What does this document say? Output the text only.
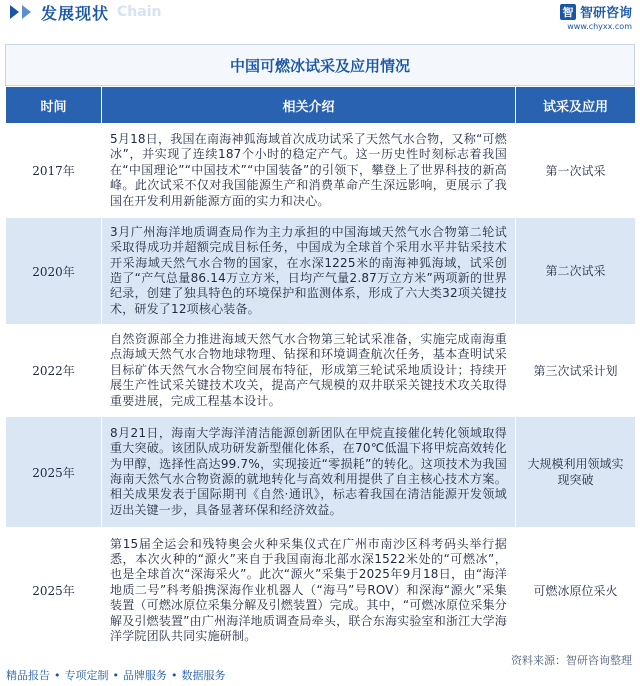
发展现状 Chain	智 智研咨询
www.chyxx.com
中国可燃冰试采及应用情况
时间	相关介绍	试采及应用
2017年	5月18日，我国在南海神狐海域首次成功试采了天然气水合物，又称“可燃冰”，并实现了连续187个小时的稳定产气。这一历史性时刻标志着我国在“中国理论”“中国技术”“中国装备”的引领下，攀登上了世界科技的新高峰。此次试采不仅对我国能源生产和消费革命产生深远影响，更展示了我国在开发利用新能源方面的实力和决心。	第一次试采
2020年	3月广州海洋地质调查局作为主力承担的中国海域天然气水合物第二轮试采取得成功并超额完成目标任务，中国成为全球首个采用水平井钻采技术开采海域天然气水合物的国家，在水深1225米的南海神狐海域，试采创造了“产气总量86.14万立方米，日均产气量2.87万立方米”两项新的世界纪录，创建了独具特色的环境保护和监测体系，形成了六大类32项关键技术，研发了12项核心装备。	第二次试采
2022年	自然资源部全力推进海域天然气水合物第三轮试采准备，实施完成南海重点海域天然气水合物地球物理、钻探和环境调查航次任务，基本查明试采目标矿体天然气水合物空间展布特征，形成第三轮试采地质设计；持续开展生产性试采关键技术攻关，提高产气规模的双井联采关键技术攻关取得重要进展，完成工程基本设计。	第三次试采计划
2025年	8月21日，海南大学海洋清洁能源创新团队在甲烷直接催化转化领域取得重大突破。该团队成功研发新型催化体系，在70℃低温下将甲烷高效转化为甲醇，选择性高达99.7%，实现接近“零损耗”的转化。这项技术为我国海南天然气水合物资源的就地转化与高效利用提供了自主核心技术方案。相关成果发表于国际期刊《自然·通讯》，标志着我国在清洁能源开发领域迈出关键一步，具备显著环保和经济效益。	大规模利用领域实现突破
2025年	第15届全运会和残特奥会火种采集仪式在广州市南沙区科考码头举行据悉，本次火种的“源火”来自于我国南海北部水深1522米处的“可燃冰”，也是全球首次“深海采火”。此次“源火”采集于2025年9月18日，由“海洋地质二号”科考船携深海作业机器人（“海马”号ROV）和深海“源火”采集装置（可燃冰原位采集分解及引燃装置）完成。其中，“可燃冰原位采集分解及引燃装置”由广州海洋地质调查局牵头，联合东海实验室和浙江大学海洋学院团队共同实施研制。	可燃冰原位采火
资料来源：智研咨询整理
精品报告 • 专项定制 • 品牌服务 • 数据服务
